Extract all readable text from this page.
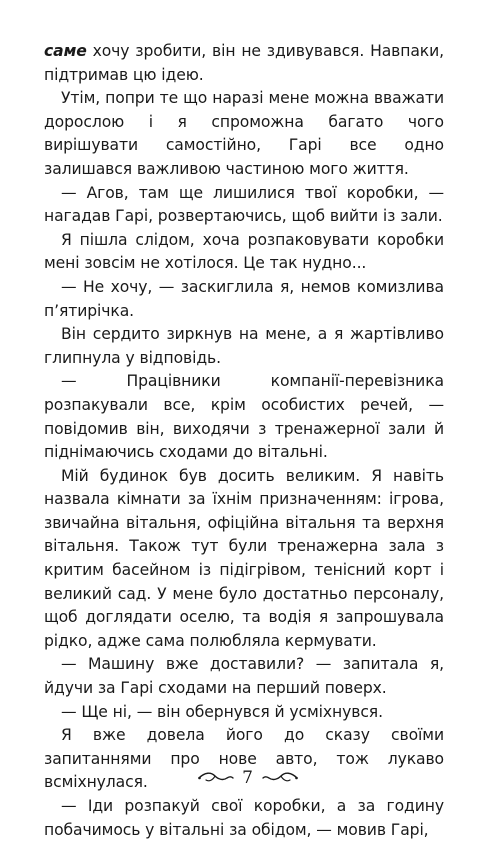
саме хочу зробити, він не здивувався. Навпаки, підтримав цю ідею.

Утім, попри те що наразі мене можна вважати дорослою і я спроможна багато чого вирішувати самостійно, Гарі все одно залишався важливою частиною мого життя.

— Агов, там ще лишилися твої коробки, — нагадав Гарі, розвертаючись, щоб вийти із зали.

Я пішла слідом, хоча розпаковувати коробки мені зовсім не хотілося. Це так нудно...

— Не хочу, — заскиглила я, немов комизлива п’ятирічка.

Він сердито зиркнув на мене, а я жартівливо глипнула у відповідь.

— Працівники компанії-перевізника розпакували все, крім особистих речей, — повідомив він, виходячи з тренажерної зали й піднімаючись сходами до вітальні.

Мій будинок був досить великим. Я навіть назвала кімнати за їхнім призначенням: ігрова, звичайна вітальня, офіційна вітальня та верхня вітальня. Також тут були тренажерна зала з критим басейном із підігрівом, тенісний корт і великий сад. У мене було достатньо персоналу, щоб доглядати оселю, та водія я запрошувала рідко, адже сама полюбляла кермувати.

— Машину вже доставили? — запитала я, йдучи за Гарі сходами на перший поверх.

— Ще ні, — він обернувся й усміхнувся.

Я вже довела його до сказу своїми запитаннями про нове авто, тож лукаво всміхнулася.

— Іди розпакуй свої коробки, а за годину побачимось у вітальні за обідом, — мовив Гарі,

7
